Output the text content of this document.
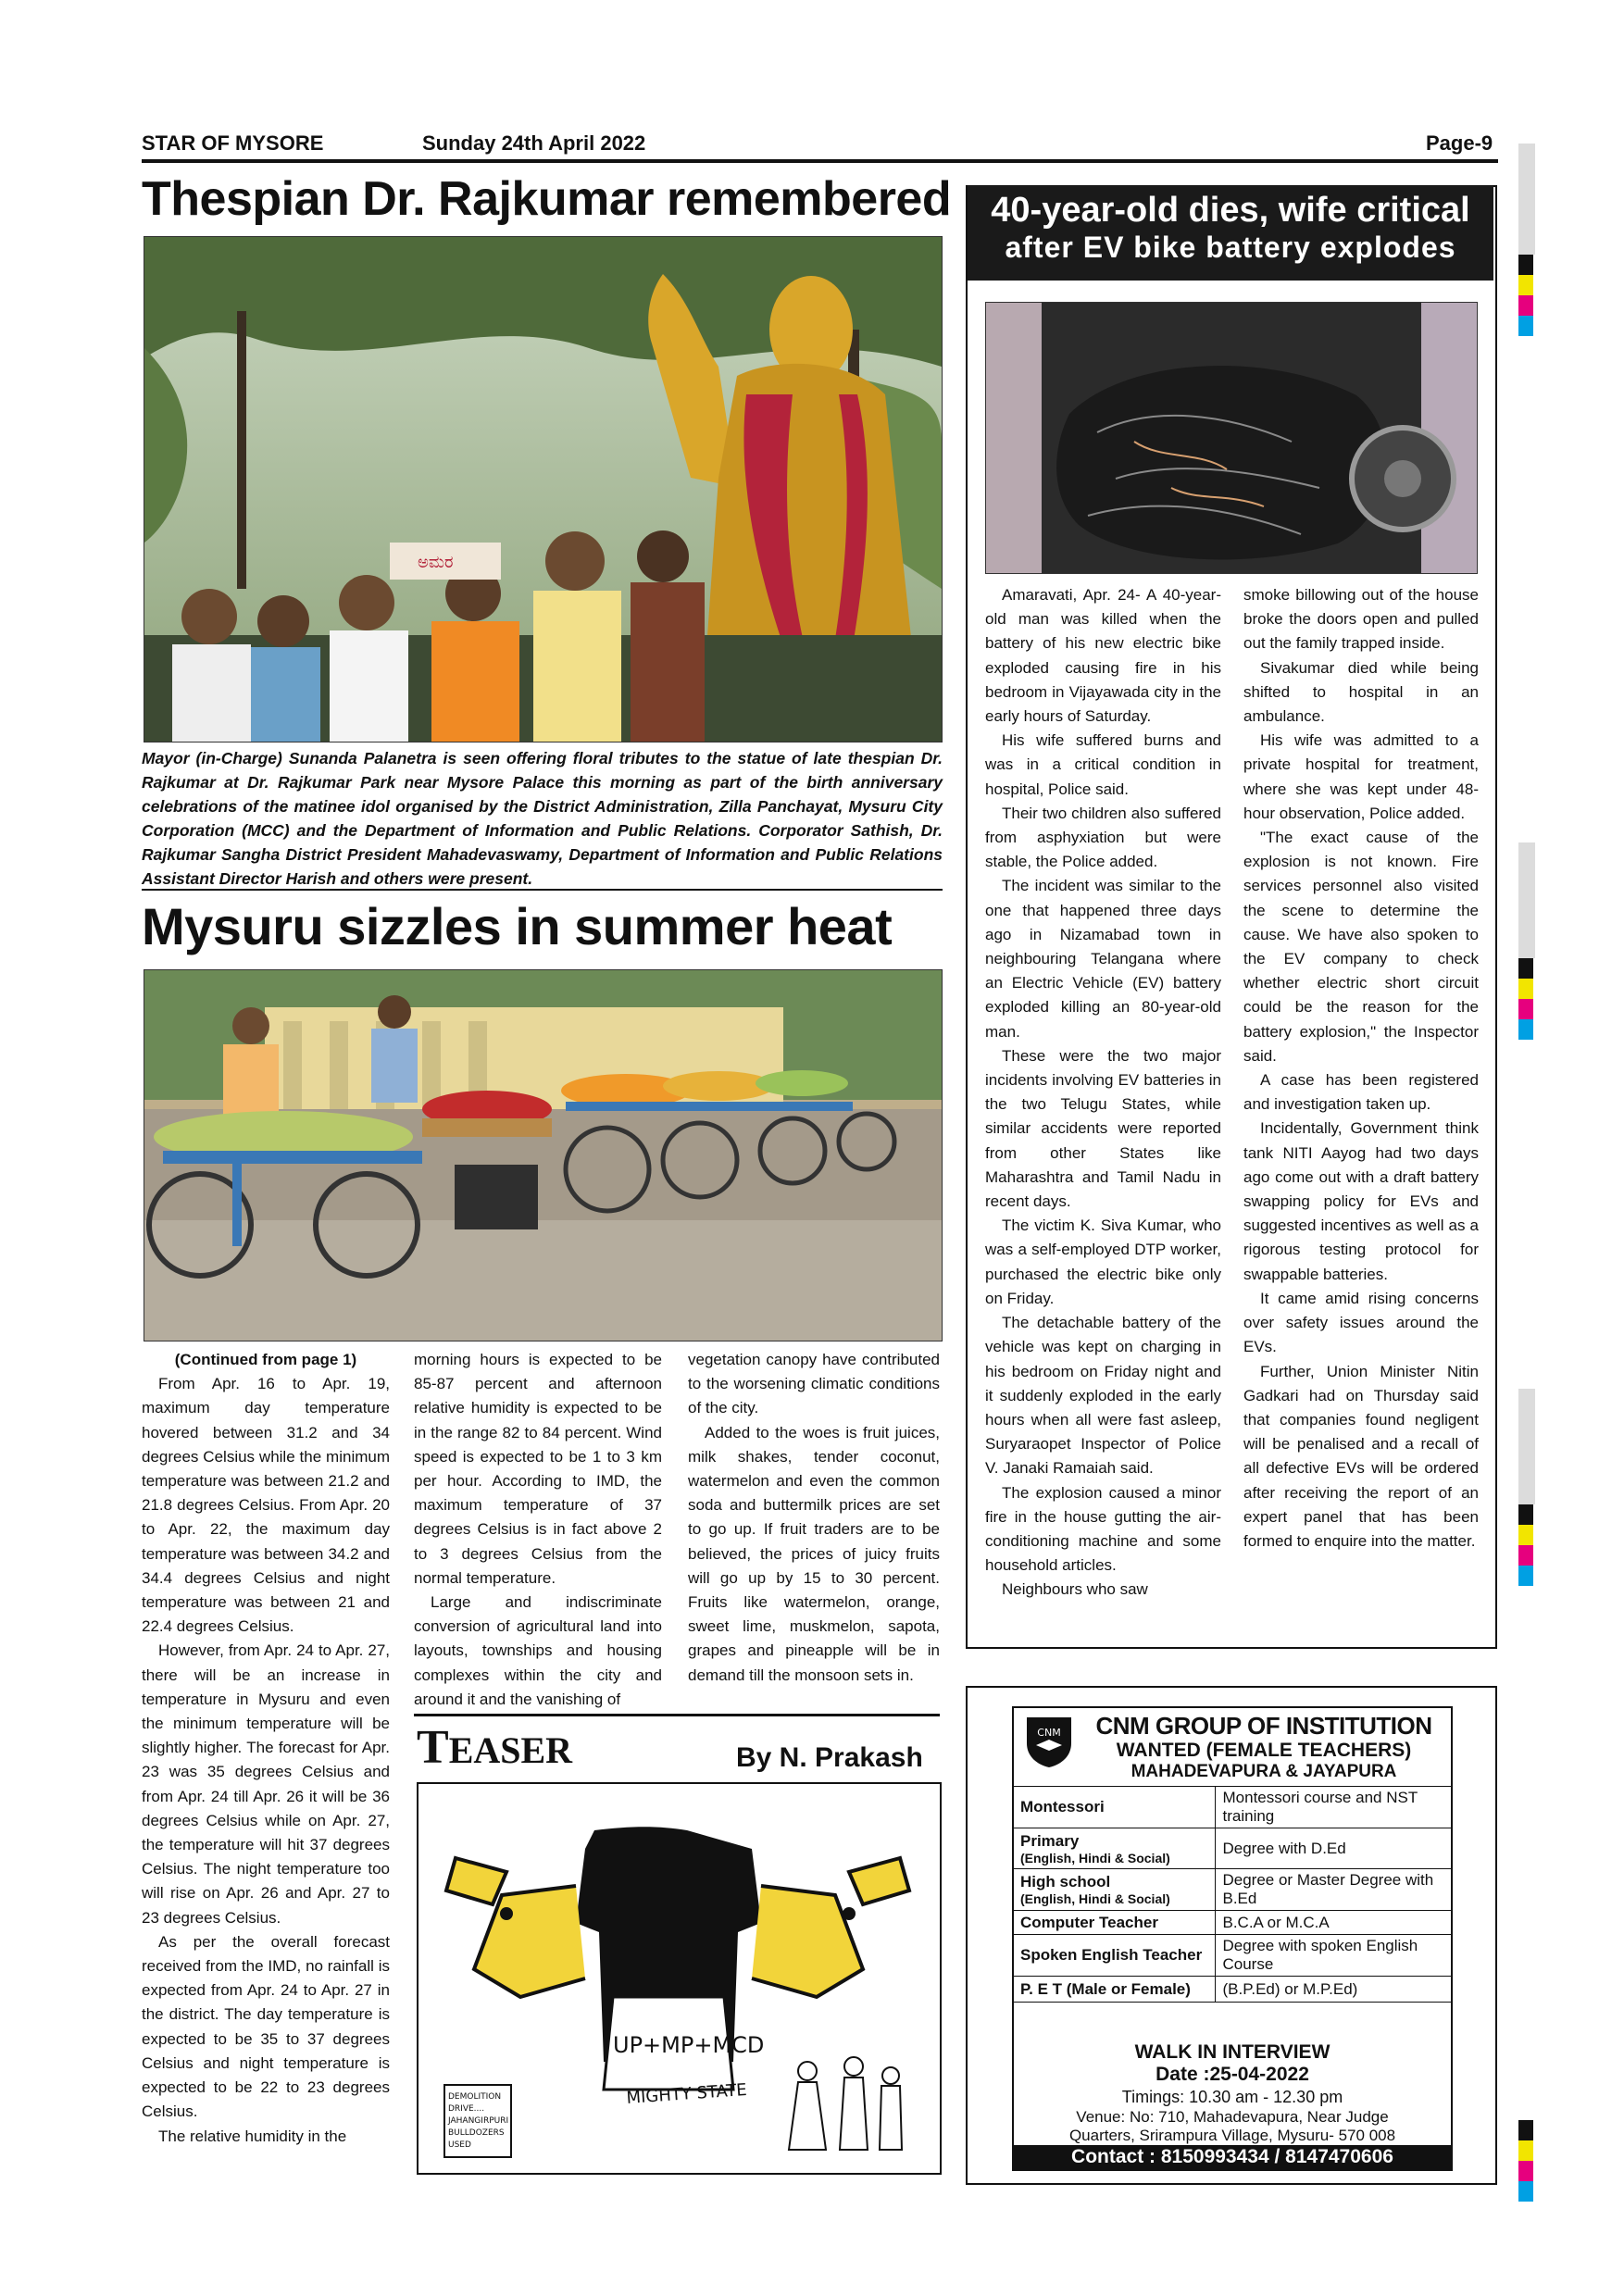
STAR OF MYSORE	Sunday 24th April 2022	Page-9
Thespian Dr. Rajkumar remembered
ಅಮರ
Mayor (in-Charge) Sunanda Palanetra is seen offering floral tributes to the statue of late thespian Dr. Rajkumar at Dr. Rajkumar Park near Mysore Palace this morning as part of the birth anniversary celebrations of the matinee idol organised by the District Administration, Zilla Panchayat, Mysuru City Corporation (MCC) and the Department of Information and Public Relations. Corporator Sathish, Dr. Rajkumar Sangha District President Mahadevaswamy, Department of Information and Public Relations Assistant Director Harish and others were present.
Mysuru sizzles in summer heat

(Continued from page 1)

From Apr. 16 to Apr. 19, maximum day temperature hovered between 31.2 and 34 degrees Celsius while the minimum temperature was between 21.2 and 21.8 degrees Celsius. From Apr. 20 to Apr. 22, the maximum day temperature was between 34.2 and 34.4 degrees Celsius and night temperature was between 21 and 22.4 degrees Celsius.

However, from Apr. 24 to Apr. 27, there will be an increase in temperature in Mysuru and even the minimum temperature will be slightly higher. The forecast for Apr. 23 was 35 degrees Celsius and from Apr. 24 till Apr. 26 it will be 36 degrees Celsius while on Apr. 27, the temperature will hit 37 degrees Celsius. The night temperature too will rise on Apr. 26 and Apr. 27 to 23 degrees Celsius.

As per the overall forecast received from the IMD, no rainfall is expected from Apr. 24 to Apr. 27 in the district. The day temperature is expected to be 35 to 37 degrees Celsius and night temperature is expected to be 22 to 23 degrees Celsius.

The relative humidity in the

morning hours is expected to be 85-87 percent and afternoon relative humidity is expected to be in the range 82 to 84 percent. Wind speed is expected to be 1 to 3 km per hour. According to IMD, the maximum temperature of 37 degrees Celsius is in fact above 2 to 3 degrees Celsius from the normal temperature.

Large and indiscriminate conversion of agricultural land into layouts, townships and housing complexes within the city and around it and the vanishing of

vegetation canopy have contributed to the worsening climatic conditions of the city.

Added to the woes is fruit juices, milk shakes, tender coconut, watermelon and even the common soda and buttermilk prices are set to go up. If fruit traders are to be believed, the prices of juicy fruits will go up by 15 to 30 percent. Fruits like watermelon, orange, sweet lime, muskmelon, sapota, grapes and pineapple will be in demand till the monsoon sets in.

TEASER	By N. Prakash
UP+MP+MCD
MIGHTY STATE
DEMOLITION
DRIVE....
JAHANGIRPURI
BULLDOZERS
USED
40-year-old dies, wife critical
after EV bike battery explodes

Amaravati, Apr. 24- A 40-year-old man was killed when the battery of his new electric bike exploded causing fire in his bedroom in Vijayawada city in the early hours of Saturday.

His wife suffered burns and was in a critical condition in hospital, Police said.

Their two children also suffered from asphyxiation but were stable, the Police added.

The incident was similar to the one that happened three days ago in Nizamabad town in neighbouring Telangana where an Electric Vehicle (EV) battery exploded killing an 80-year-old man.

These were the two major incidents involving EV batteries in the two Telugu States, while similar accidents were reported from other States like Maharashtra and Tamil Nadu in recent days.

The victim K. Siva Kumar, who was a self-employed DTP worker, purchased the electric bike only on Friday.

The detachable battery of the vehicle was kept on charging in his bedroom on Friday night and it suddenly exploded in the early hours when all were fast asleep, Suryaraopet Inspector of Police V. Janaki Ramaiah said.

The explosion caused a minor fire in the house gutting the air-conditioning machine and some household articles.

Neighbours who saw

smoke billowing out of the house broke the doors open and pulled out the family trapped inside.

Sivakumar died while being shifted to hospital in an ambulance.

His wife was admitted to a private hospital for treatment, where she was kept under 48-hour observation, Police added.

"The exact cause of the explosion is not known. Fire services personnel also visited the scene to determine the cause. We have also spoken to the EV company to check whether electric short circuit could be the reason for the battery explosion," the Inspector said.

A case has been registered and investigation taken up.

Incidentally, Government think tank NITI Aayog had two days ago come out with a draft battery swapping policy for EVs and suggested incentives as well as a rigorous testing protocol for swappable batteries.

It came amid rising concerns over safety issues around the EVs.

Further, Union Minister Nitin Gadkari had on Thursday said that companies found negligent will be penalised and a recall of all defective EVs will be ordered after receiving the report of an expert panel that has been formed to enquire into the matter.

CNM	CNM GROUP OF INSTITUTION
WANTED (FEMALE TEACHERS)
MAHADEVAPURA & JAYAPURA
Montessori	Montessori course and NST training

Primary
(English, Hindi & Social)	Degree with D.Ed

High school
(English, Hindi & Social)	Degree or Master Degree with B.Ed
Computer Teacher	B.C.A or M.C.A
Spoken English Teacher	Degree with spoken English Course
P. E T (Male or Female)	(B.P.Ed) or M.P.Ed)
WALK IN INTERVIEW
Date :25-04-2022
Timings: 10.30 am - 12.30 pm
Venue: No: 710, Mahadevapura, Near Judge
Quarters, Srirampura Village, Mysuru- 570 008
Contact : 8150993434 / 8147470606
